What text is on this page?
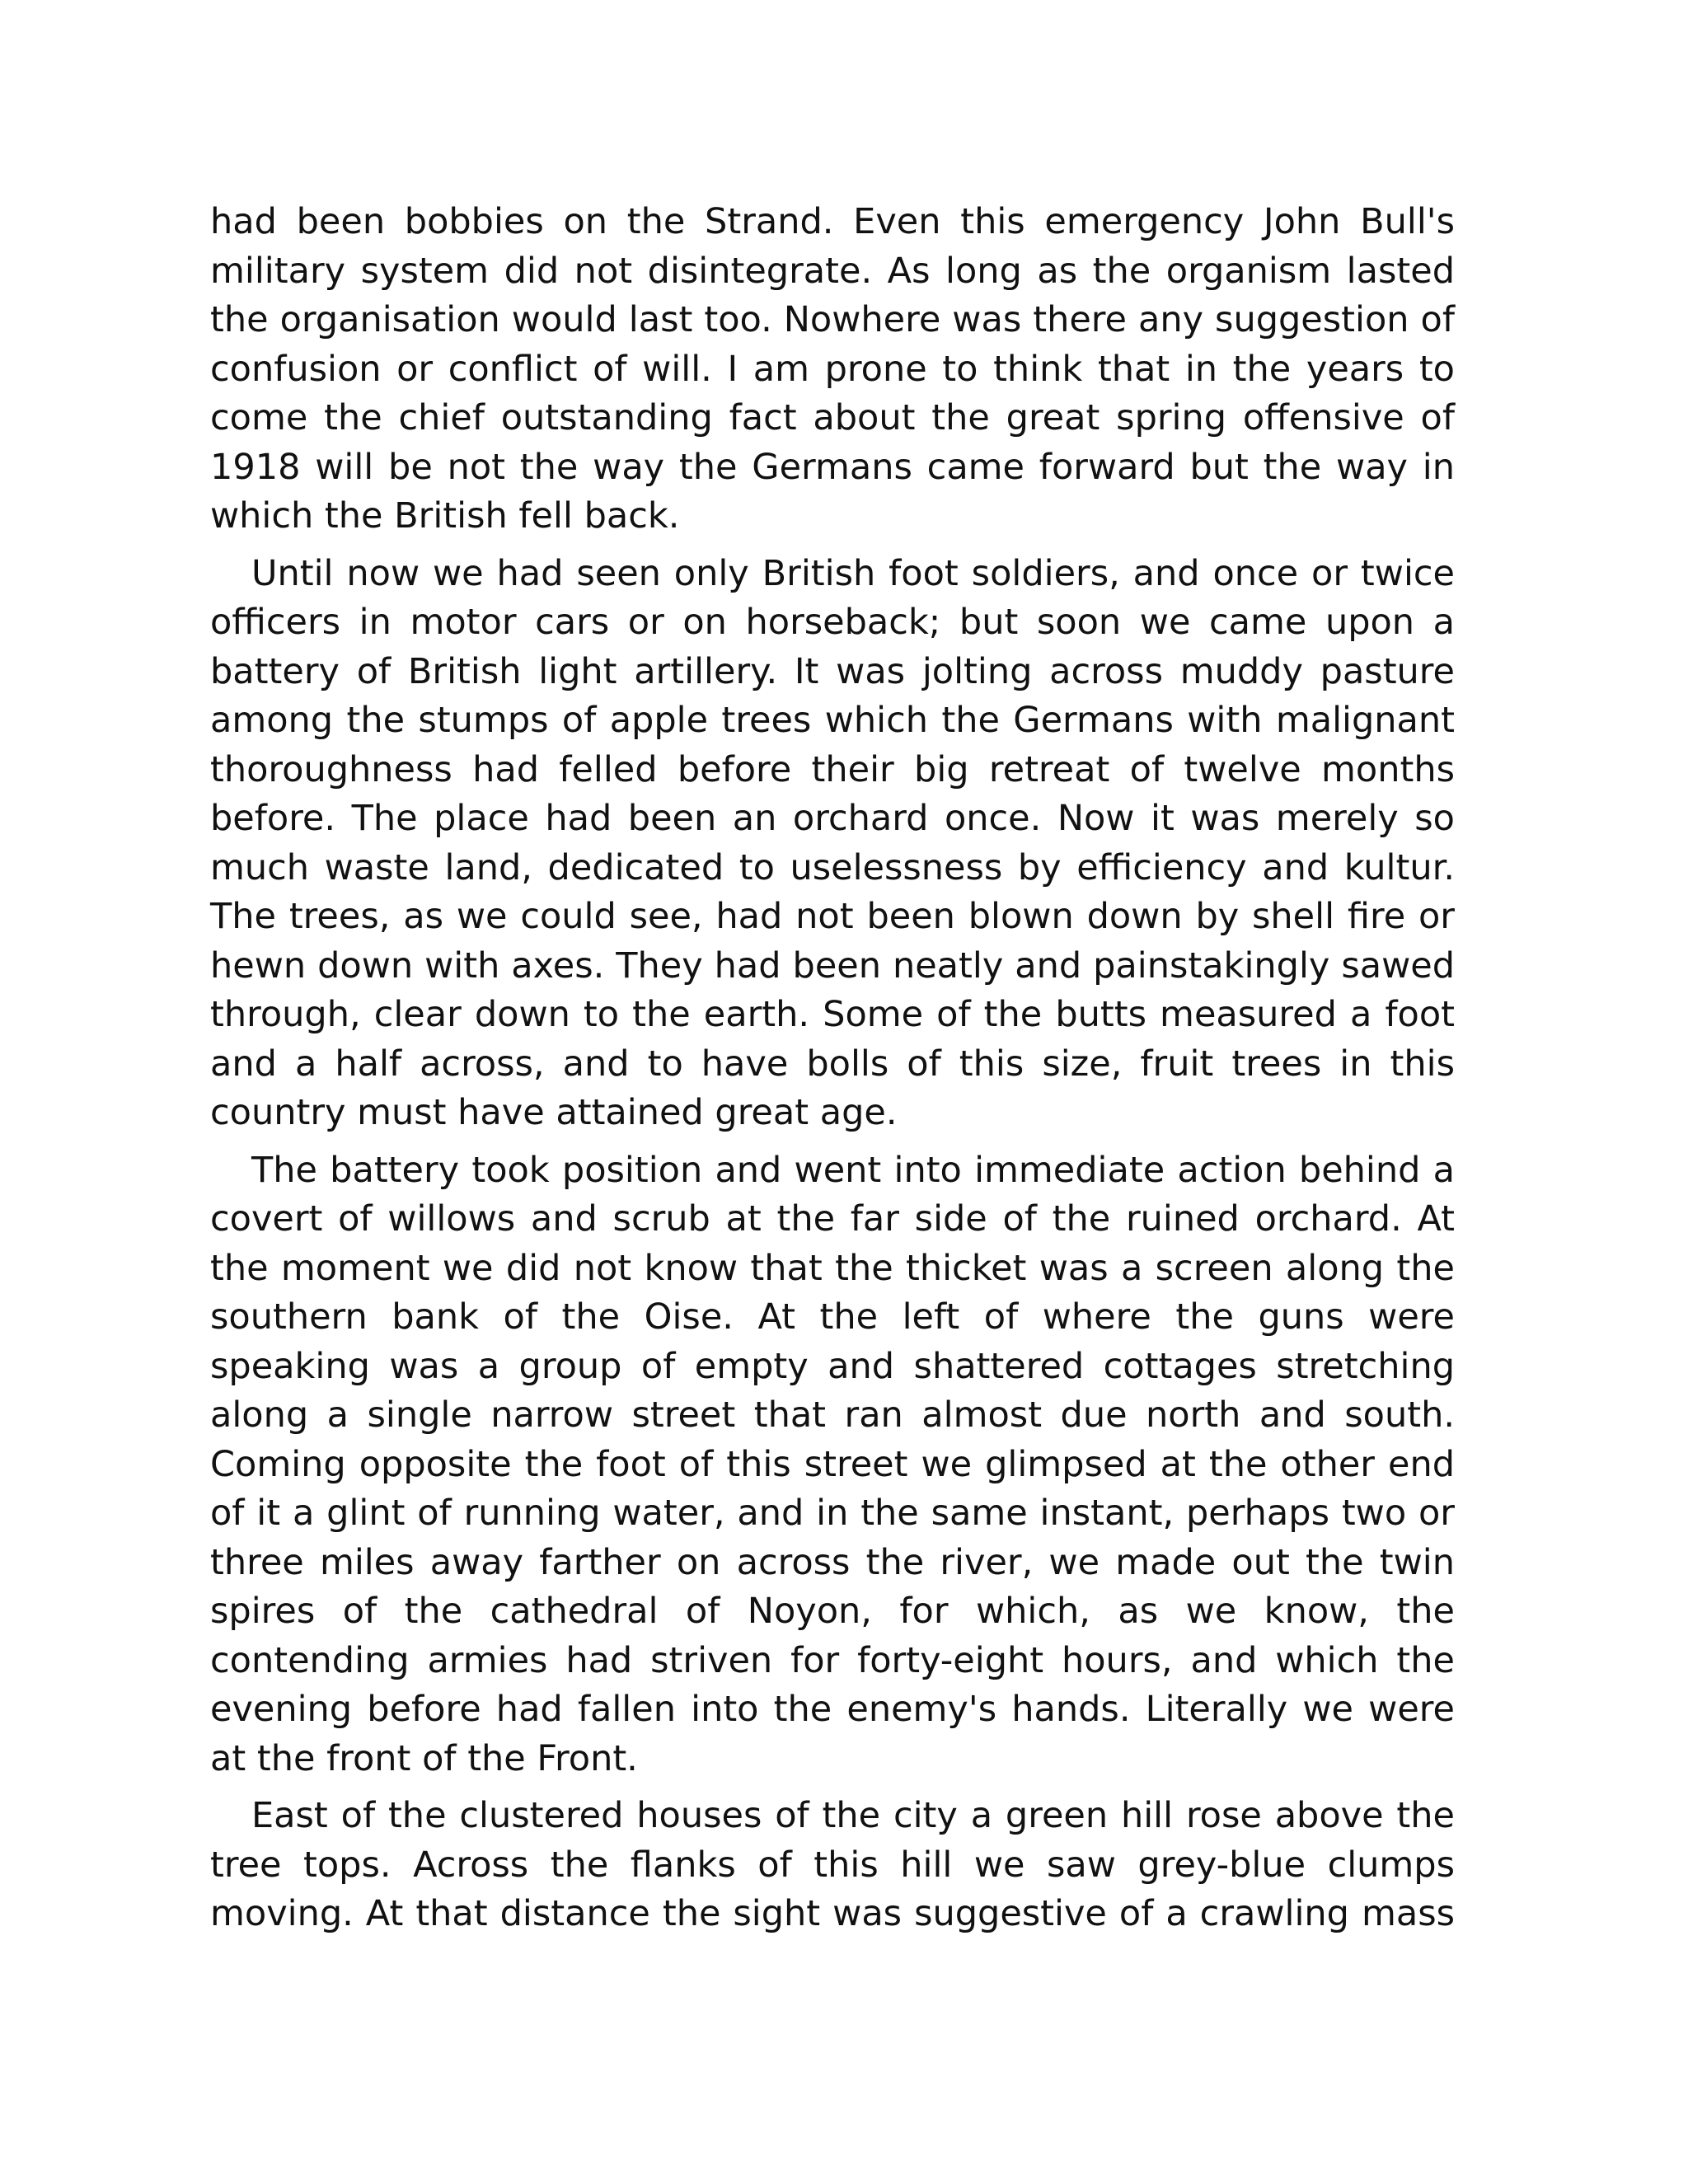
had been bobbies on the Strand. Even this emergency John Bull's military system did not disintegrate. As long as the organism lasted the organisation would last too. Nowhere was there any suggestion of confusion or conflict of will. I am prone to think that in the years to come the chief outstanding fact about the great spring offensive of 1918 will be not the way the Germans came forward but the way in which the British fell back.

Until now we had seen only British foot soldiers, and once or twice officers in motor cars or on horseback; but soon we came upon a battery of British light artillery. It was jolting across muddy pasture among the stumps of apple trees which the Germans with malignant thoroughness had felled before their big retreat of twelve months before. The place had been an orchard once. Now it was merely so much waste land, dedicated to uselessness by efficiency and kultur. The trees, as we could see, had not been blown down by shell fire or hewn down with axes. They had been neatly and painstakingly sawed through, clear down to the earth. Some of the butts measured a foot and a half across, and to have bolls of this size, fruit trees in this country must have attained great age.

The battery took position and went into immediate action behind a covert of willows and scrub at the far side of the ruined orchard. At the moment we did not know that the thicket was a screen along the southern bank of the Oise. At the left of where the guns were speaking was a group of empty and shattered cottages stretching along a single narrow street that ran almost due north and south. Coming opposite the foot of this street we glimpsed at the other end of it a glint of running water, and in the same instant, perhaps two or three miles away farther on across the river, we made out the twin spires of the cathedral of Noyon, for which, as we know, the contending armies had striven for forty-eight hours, and which the evening before had fallen into the enemy's hands. Literally we were at the front of the Front.

East of the clustered houses of the city a green hill rose above the tree tops. Across the flanks of this hill we saw grey-blue clumps moving. At that distance the sight was suggestive of a crawling mass
